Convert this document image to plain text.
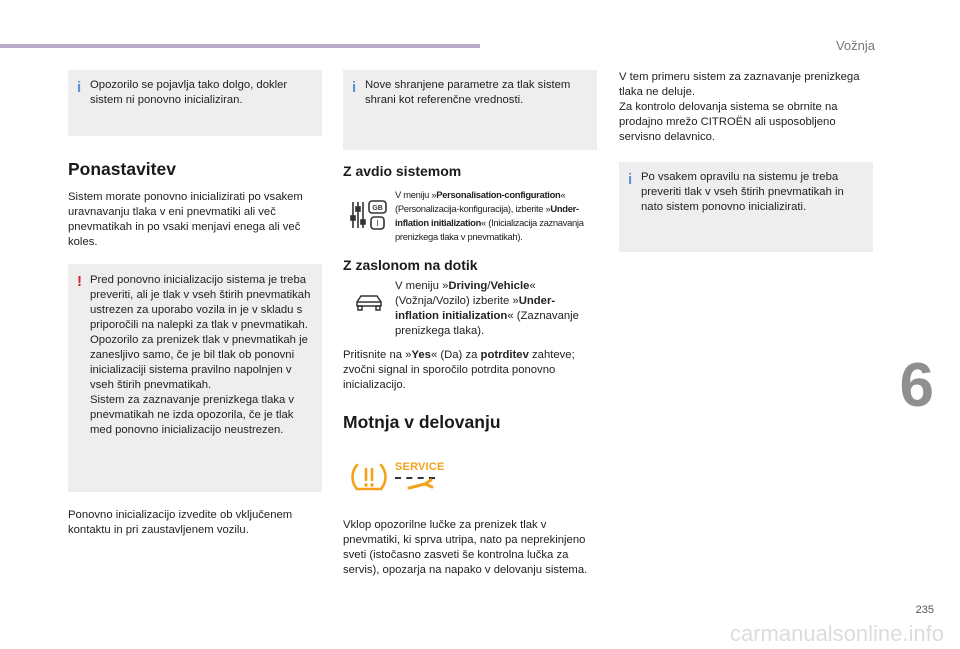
Vožnja
6
235
carmanualsonline.info
i Opozorilo se pojavlja tako dolgo, dokler sistem ni ponovno inicializiran.

Ponastavitev

Sistem morate ponovno inicializirati po vsakem uravnavanju tlaka v eni pnevmatiki ali več pnevmatikah in po vsaki menjavi enega ali več koles.

! Pred ponovno inicializacijo sistema je treba preveriti, ali je tlak v vseh štirih pnevmatikah ustrezen za uporabo vozila in je v skladu s priporočili na nalepki za tlak v pnevmatikah.
Opozorilo za prenizek tlak v pnevmatikah je zanesljivo samo, če je bil tlak ob ponovni inicializaciji sistema pravilno napolnjen v vseh štirih pnevmatikah.
Sistem za zaznavanje prenizkega tlaka v pnevmatikah ne izda opozorila, če je tlak med ponovno inicializacijo neustrezen.

Ponovno inicializacijo izvedite ob vključenem kontaktu in pri zaustavljenem vozilu.

i Nove shranjene parametre za tlak sistem shrani kot referenčne vrednosti.

Z avdio sistemom
GB
I

V meniju »Personalisation-configuration« (Personalizacija-konfiguracija), izberite »Under-inflation initialization« (Inicializacija zaznavanja prenizkega tlaka v pnevmatikah).

Z zaslonom na dotik

V meniju »Driving/Vehicle« (Vožnja/Vozilo) izberite »Under-inflation initialization« (Zaznavanje prenizkega tlaka).

Pritisnite na »Yes« (Da) za potrditev zahteve; zvočni signal in sporočilo potrdita ponovno inicializacijo.

Motnja v delovanju
SERVICE

Vklop opozorilne lučke za prenizek tlak v pnevmatiki, ki sprva utripa, nato pa neprekinjeno sveti (istočasno zasveti še kontrolna lučka za servis), opozarja na napako v delovanju sistema.

V tem primeru sistem za zaznavanje prenizkega tlaka ne deluje.
Za kontrolo delovanja sistema se obrnite na prodajno mrežo CITROËN ali usposobljeno servisno delavnico.

i Po vsakem opravilu na sistemu je treba preveriti tlak v vseh štirih pnevmatikah in nato sistem ponovno inicializirati.
